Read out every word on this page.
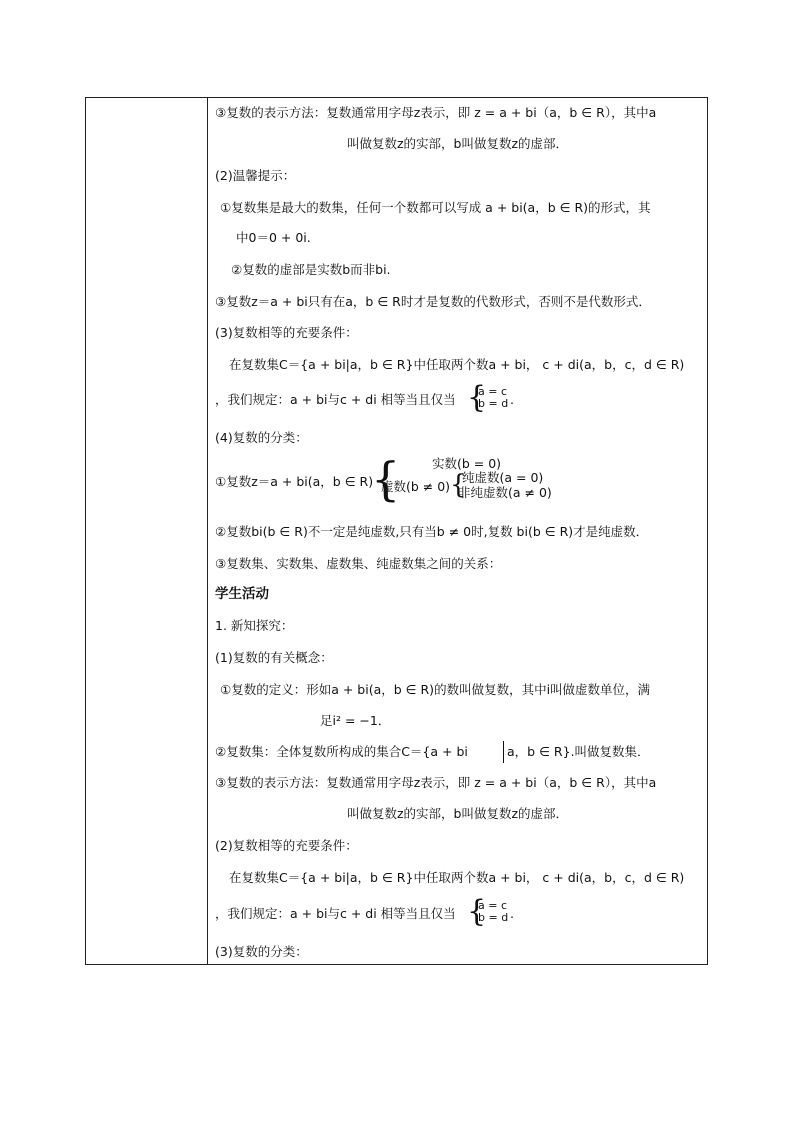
③复数的表示方法：复数通常用字母z表示，即 z = a + bi（a，b ∈ R），其中a
叫做复数z的实部，b叫做复数z的虚部．
(2)温馨提示：
①复数集是最大的数集，任何一个数都可以写成 a + bi(a，b ∈ R)的形式，其
中0＝0 + 0i.
②复数的虚部是实数b而非bi.
③复数z＝a + bi只有在a，b ∈ R时才是复数的代数形式，否则不是代数形式．
(3)复数相等的充要条件：
在复数集C＝{a + bi|a，b ∈ R}中任取两个数a + bi， c + di(a，b，c，d ∈ R)
，我们规定：a + bi与c + di 相等当且仅当 {
a = c
b = d .
(4)复数的分类：
①复数z＝a + bi(a，b ∈ R)
{	实数(b = 0)
虚数(b ≠ 0) {
纯虚数(a = 0)
非纯虚数(a ≠ 0)
②复数bi(b ∈ R)不一定是纯虚数,只有当b ≠ 0时,复数 bi(b ∈ R)才是纯虚数．
③复数集、实数集、虚数集、纯虚数集之间的关系：
学生活动
1. 新知探究：
(1)复数的有关概念：
①复数的定义：形如a + bi(a，b ∈ R)的数叫做复数，其中i叫做虚数单位，满
足i² = −1．
②复数集：全体复数所构成的集合C＝{a + bi	a，b ∈ R}.叫做复数集．
③复数的表示方法：复数通常用字母z表示，即 z = a + bi（a，b ∈ R），其中a
叫做复数z的实部，b叫做复数z的虚部．
(2)复数相等的充要条件：
在复数集C＝{a + bi|a，b ∈ R}中任取两个数a + bi， c + di(a，b，c，d ∈ R)
，我们规定：a + bi与c + di 相等当且仅当 {
a = c
b = d .
(3)复数的分类：
